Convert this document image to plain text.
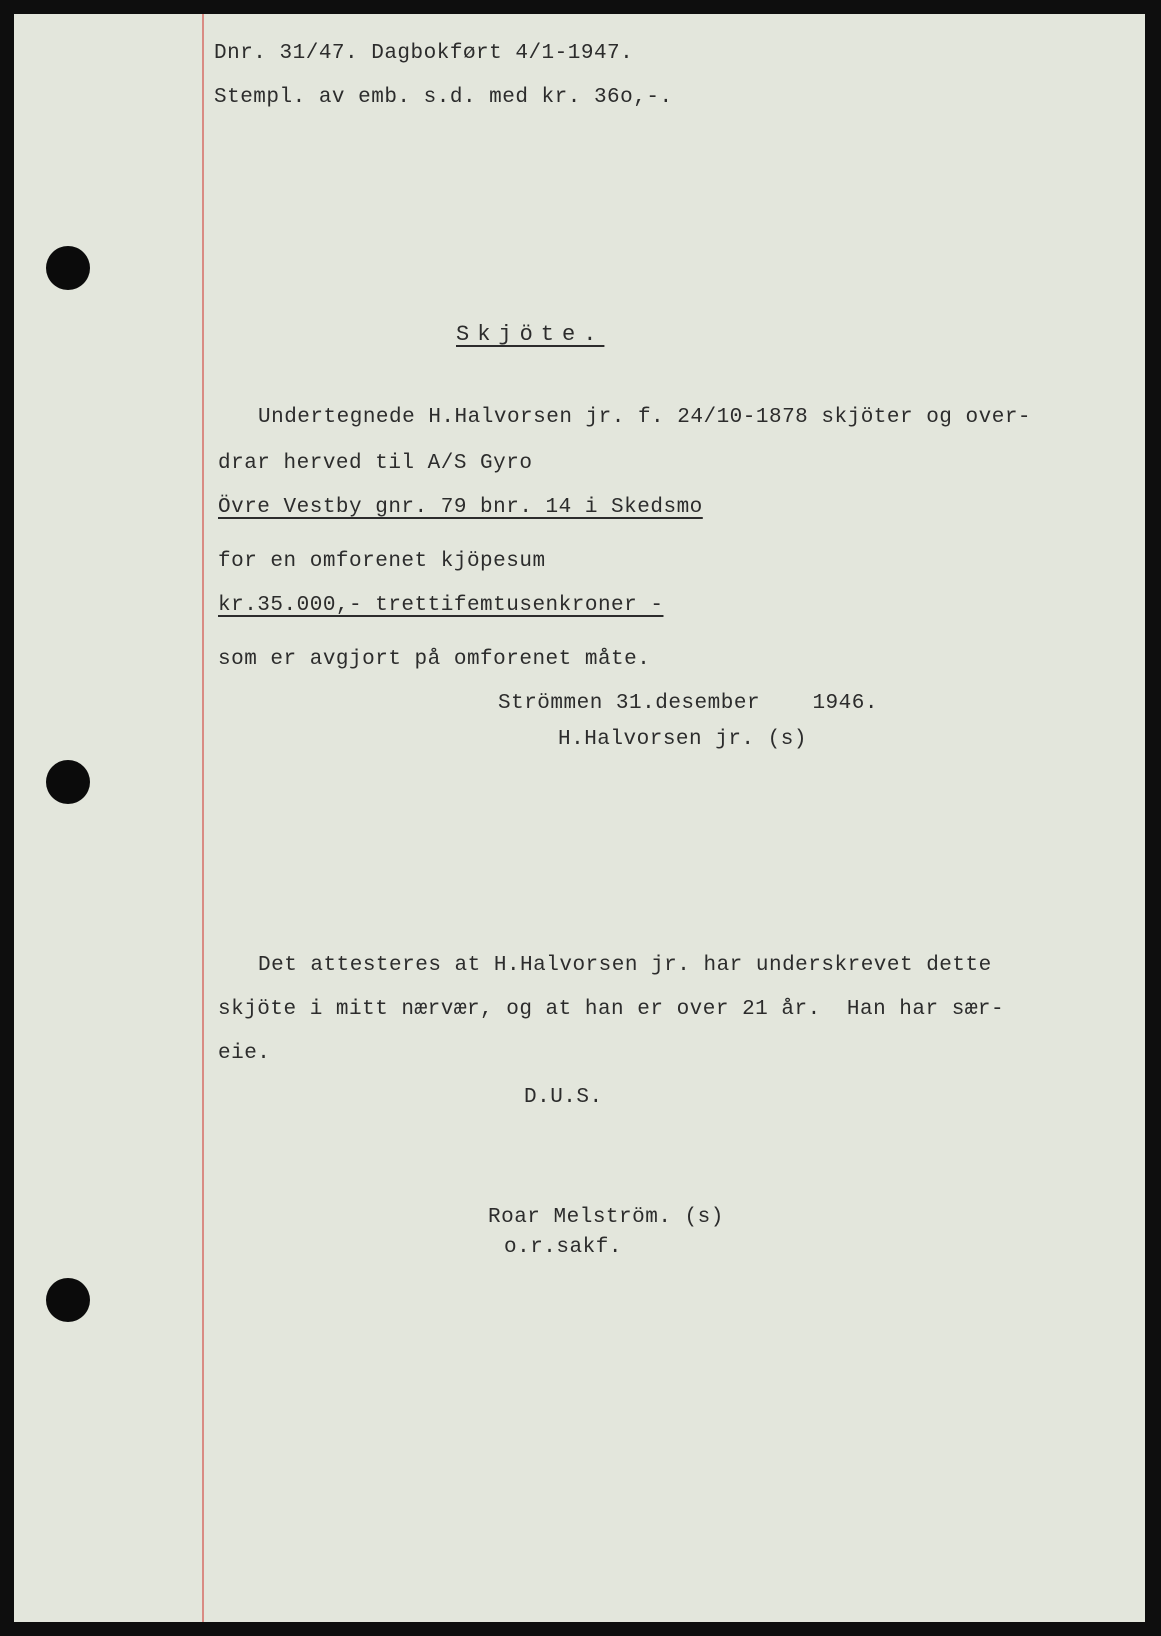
Dnr. 31/47. Dagbokført 4/1-1947.
Stempl. av emb. s.d. med kr. 36o,-.
Skjöte.
Undertegnede H.Halvorsen jr. f. 24/10-1878 skjöter og over-
drar herved til A/S Gyro
Övre Vestby gnr. 79 bnr. 14 i Skedsmo
for en omforenet kjöpesum
kr.35.000,- trettifemtusenkroner -
som er avgjort på omforenet måte.
Strömmen 31.desember    1946.
H.Halvorsen jr. (s)
Det attesteres at H.Halvorsen jr. har underskrevet dette
skjöte i mitt nærvær, og at han er over 21 år.  Han har sær-
eie.
D.U.S.
Roar Melström. (s)
o.r.sakf.
